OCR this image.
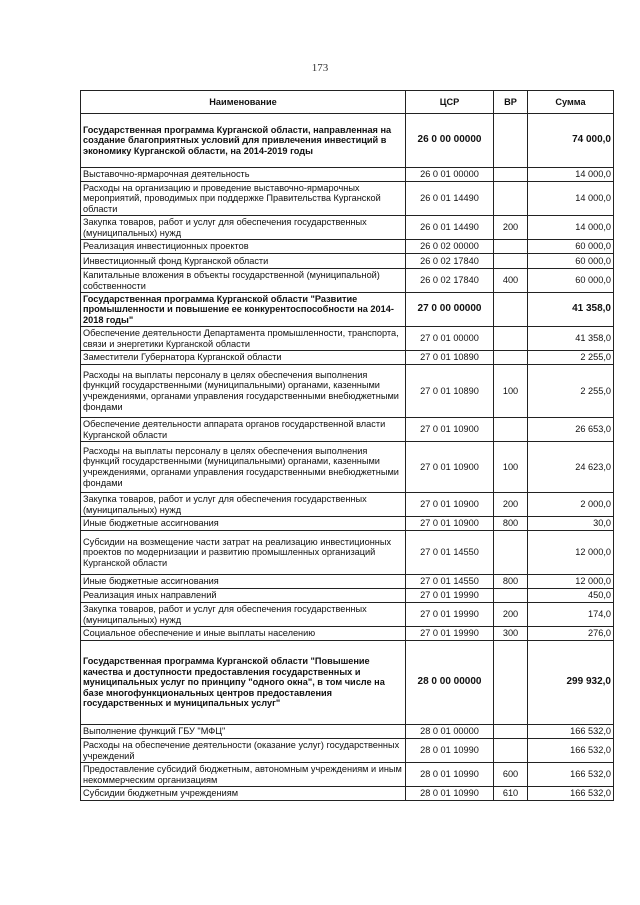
173
Наименование	ЦСР	ВР	Сумма
Государственная программа Курганской области, направленная на создание благоприятных условий для привлечения инвестиций в экономику Курганской области, на 2014-2019 годы	26 0 00 00000		74 000,0
Выставочно-ярмарочная деятельность	26 0 01 00000		14 000,0
Расходы на организацию и проведение выставочно-ярмарочных мероприятий, проводимых при поддержке Правительства Курганской области	26 0 01 14490		14 000,0
Закупка товаров, работ и услуг для обеспечения государственных (муниципальных) нужд	26 0 01 14490	200	14 000,0
Реализация инвестиционных проектов	26 0 02 00000		60 000,0
Инвестиционный фонд Курганской области	26 0 02 17840		60 000,0
Капитальные вложения в объекты государственной (муниципальной) собственности	26 0 02 17840	400	60 000,0
Государственная программа Курганской области "Развитие промышленности и повышение ее конкурентоспособности на 2014-2018 годы"	27 0 00 00000		41 358,0
Обеспечение деятельности Департамента промышленности, транспорта, связи и энергетики Курганской области	27 0 01 00000		41 358,0
Заместители Губернатора Курганской области	27 0 01 10890		2 255,0
Расходы на выплаты персоналу в целях обеспечения выполнения функций государственными (муниципальными) органами, казенными учреждениями, органами управления государственными внебюджетными фондами	27 0 01 10890	100	2 255,0
Обеспечение деятельности аппарата органов государственной власти Курганской области	27 0 01 10900		26 653,0
Расходы на выплаты персоналу в целях обеспечения выполнения функций государственными (муниципальными) органами, казенными учреждениями, органами управления государственными внебюджетными фондами	27 0 01 10900	100	24 623,0
Закупка товаров, работ и услуг для обеспечения государственных (муниципальных) нужд	27 0 01 10900	200	2 000,0
Иные бюджетные ассигнования	27 0 01 10900	800	30,0
Субсидии на возмещение части затрат на реализацию инвестиционных проектов по модернизации и развитию промышленных организаций Курганской области	27 0 01 14550		12 000,0
Иные бюджетные ассигнования	27 0 01 14550	800	12 000,0
Реализация иных направлений	27 0 01 19990		450,0
Закупка товаров, работ и услуг для обеспечения государственных (муниципальных) нужд	27 0 01 19990	200	174,0
Социальное обеспечение и иные выплаты населению	27 0 01 19990	300	276,0
Государственная программа Курганской области "Повышение качества и доступности предоставления государственных и муниципальных услуг по принципу "одного окна", в том числе на базе многофункциональных центров предоставления государственных и муниципальных услуг"	28 0 00 00000		299 932,0
Выполнение функций ГБУ "МФЦ"	28 0 01 00000		166 532,0
Расходы на обеспечение деятельности (оказание услуг) государственных учреждений	28 0 01 10990		166 532,0
Предоставление субсидий бюджетным, автономным учреждениям и иным некоммерческим организациям	28 0 01 10990	600	166 532,0
Субсидии бюджетным учреждениям	28 0 01 10990	610	166 532,0
